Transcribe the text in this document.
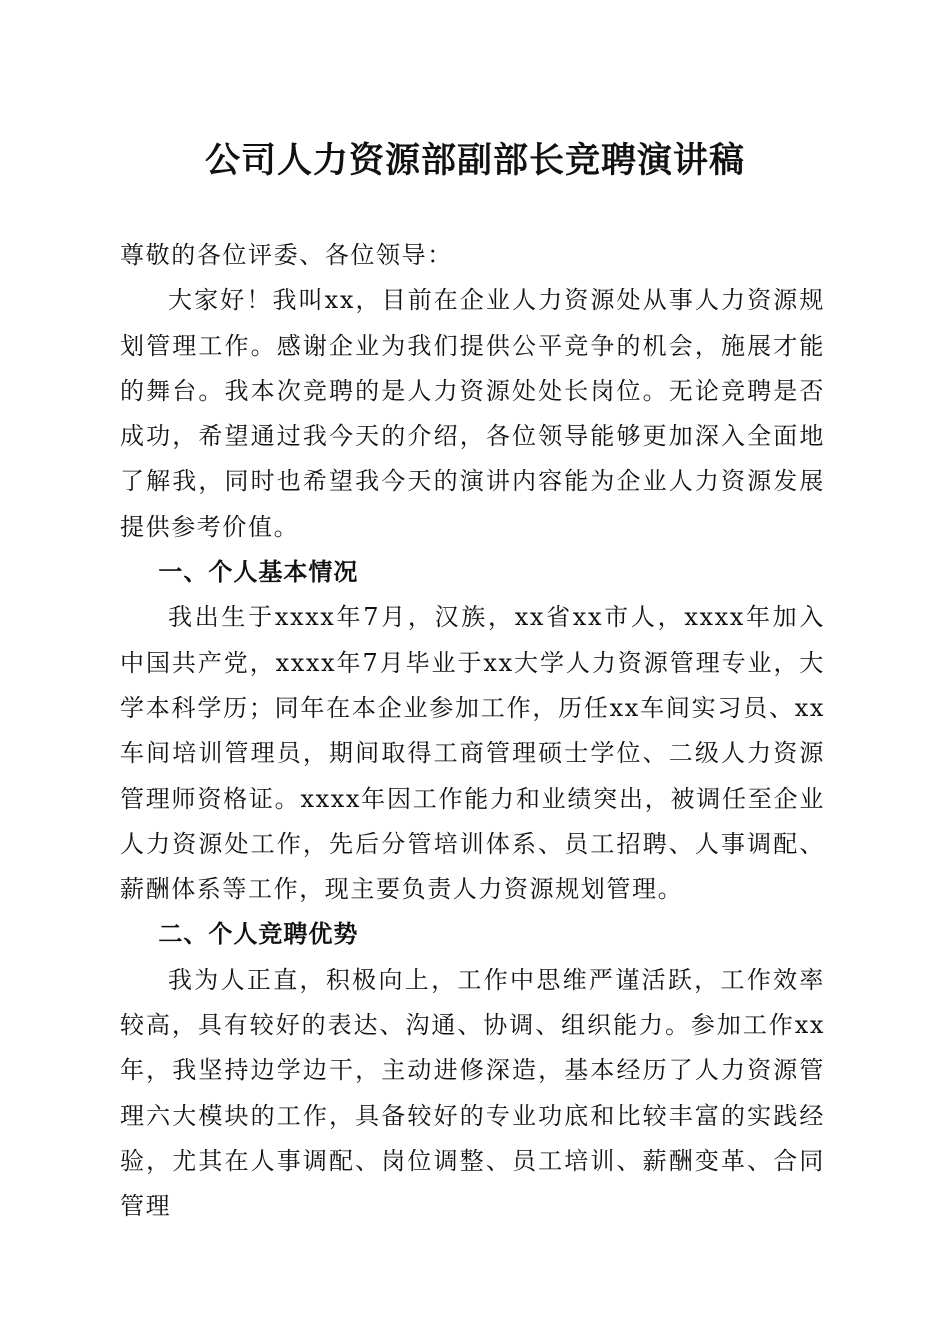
公司人力资源部副部长竞聘演讲稿

尊敬的各位评委、各位领导：

大家好！我叫xx，目前在企业人力资源处从事人力资源规划管理工作。感谢企业为我们提供公平竞争的机会，施展才能的舞台。我本次竞聘的是人力资源处处长岗位。无论竞聘是否成功，希望通过我今天的介绍，各位领导能够更加深入全面地了解我，同时也希望我今天的演讲内容能为企业人力资源发展提供参考价值。

一、个人基本情况

我出生于xxxx年7月，汉族，xx省xx市人，xxxx年加入中国共产党，xxxx年7月毕业于xx大学人力资源管理专业，大学本科学历；同年在本企业参加工作，历任xx车间实习员、xx车间培训管理员，期间取得工商管理硕士学位、二级人力资源管理师资格证。xxxx年因工作能力和业绩突出，被调任至企业人力资源处工作，先后分管培训体系、员工招聘、人事调配、薪酬体系等工作，现主要负责人力资源规划管理。

二、个人竞聘优势

我为人正直，积极向上，工作中思维严谨活跃，工作效率较高，具有较好的表达、沟通、协调、组织能力。参加工作xx年，我坚持边学边干，主动进修深造，基本经历了人力资源管理六大模块的工作，具备较好的专业功底和比较丰富的实践经验，尤其在人事调配、岗位调整、员工培训、薪酬变革、合同管理
